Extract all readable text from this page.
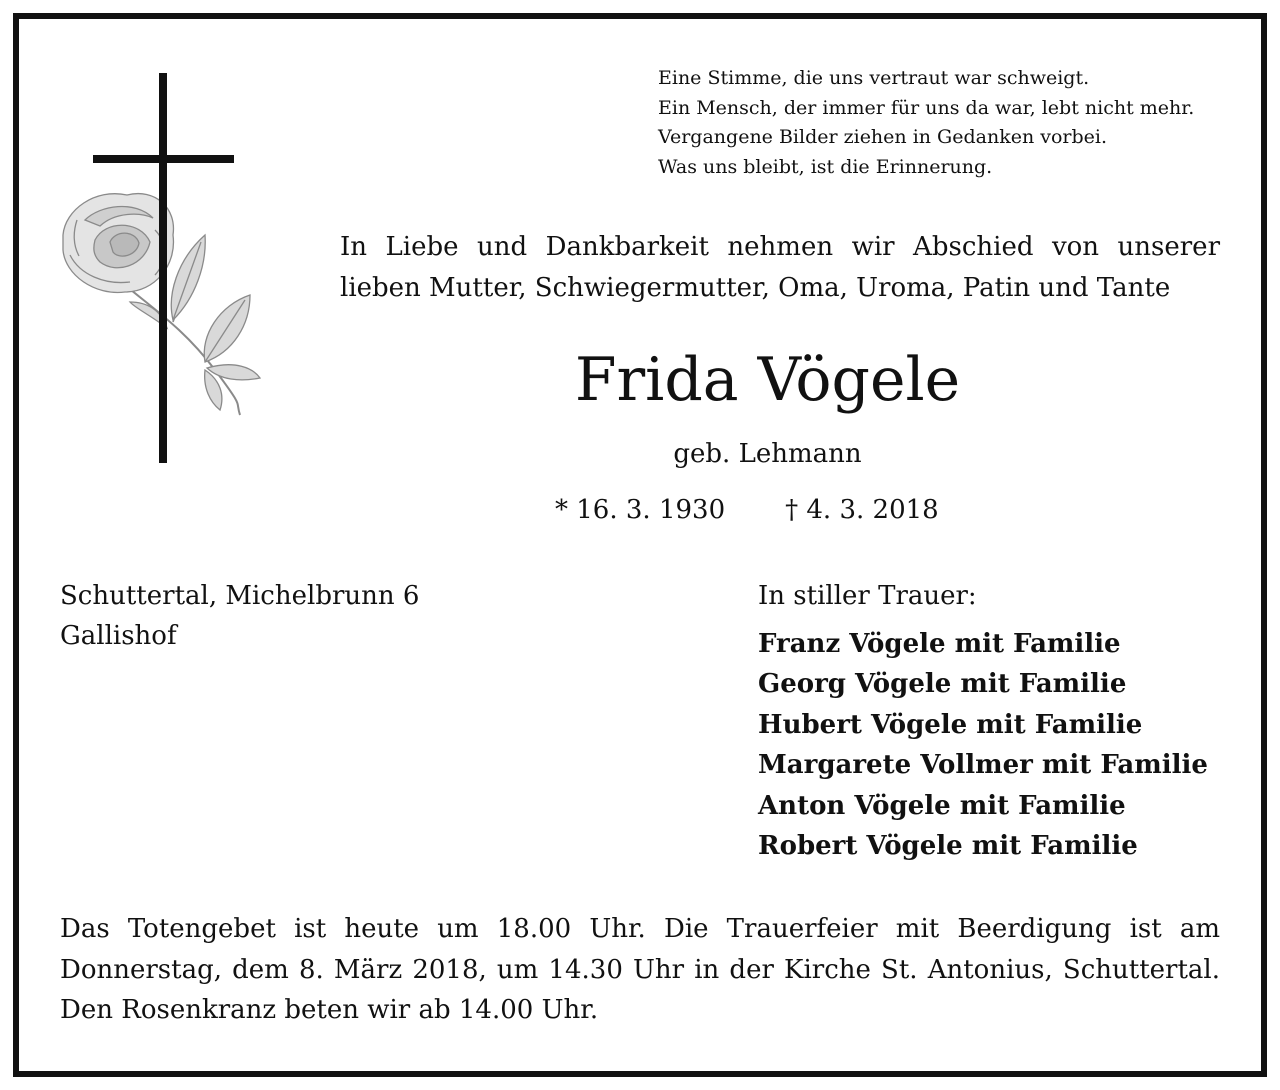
Eine Stimme, die uns vertraut war schweigt.
Ein Mensch, der immer für uns da war, lebt nicht mehr.
Vergangene Bilder ziehen in Gedanken vorbei.
Was uns bleibt, ist die Erinnerung.
In Liebe und Dankbarkeit nehmen wir Abschied von unserer
lieben Mutter, Schwiegermutter, Oma, Uroma, Patin und Tante
Frida Vögele
geb. Lehmann
* 16. 3. 1930 † 4. 3. 2018
Schuttertal, Michelbrunn 6
Gallishof
In stiller Trauer:
Franz Vögele mit Familie
Georg Vögele mit Familie
Hubert Vögele mit Familie
Margarete Vollmer mit Familie
Anton Vögele mit Familie
Robert Vögele mit Familie
Das Totengebet ist heute um 18.00 Uhr. Die Trauerfeier mit Beerdigung ist am
Donnerstag, dem 8. März 2018, um 14.30 Uhr in der Kirche St. Antonius, Schuttertal.
Den Rosenkranz beten wir ab 14.00 Uhr.
